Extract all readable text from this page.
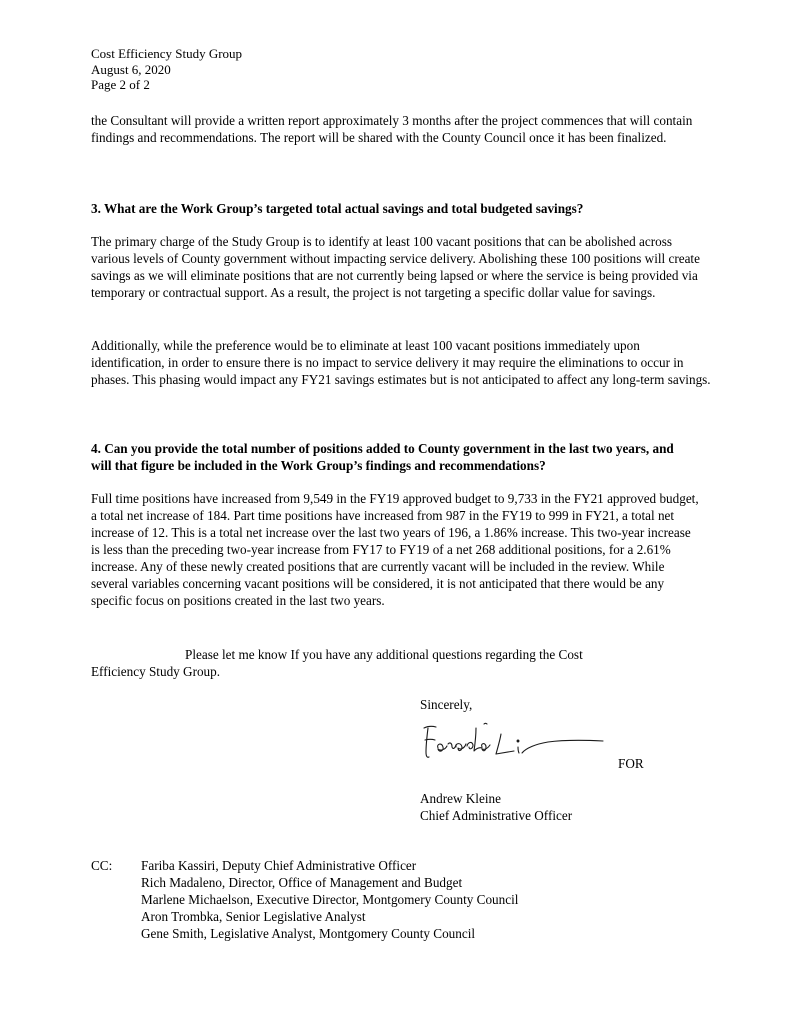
Cost Efficiency Study Group
August 6, 2020
Page 2 of 2

the Consultant will provide a written report approximately 3 months after the project commences that will contain findings and recommendations. The report will be shared with the County Council once it has been finalized.

3. What are the Work Group’s targeted total actual savings and total budgeted savings?

The primary charge of the Study Group is to identify at least 100 vacant positions that can be abolished across various levels of County government without impacting service delivery. Abolishing these 100 positions will create savings as we will eliminate positions that are not currently being lapsed or where the service is being provided via temporary or contractual support. As a result, the project is not targeting a specific dollar value for savings.

Additionally, while the preference would be to eliminate at least 100 vacant positions immediately upon identification, in order to ensure there is no impact to service delivery it may require the eliminations to occur in phases. This phasing would impact any FY21 savings estimates but is not anticipated to affect any long-term savings.

4. Can you provide the total number of positions added to County government in the last two years, and will that figure be included in the Work Group’s findings and recommendations?

Full time positions have increased from 9,549 in the FY19 approved budget to 9,733 in the FY21 approved budget, a total net increase of 184. Part time positions have increased from 987 in the FY19 to 999 in FY21, a total net increase of 12. This is a total net increase over the last two years of 196, a 1.86% increase. This two-year increase is less than the preceding two-year increase from FY17 to FY19 of a net 268 additional positions, for a 2.61% increase. Any of these newly created positions that are currently vacant will be included in the review. While several variables concerning vacant positions will be considered, it is not anticipated that there would be any specific focus on positions created in the last two years.

Please let me know If you have any additional questions regarding the Cost

Efficiency Study Group.

Sincerely,
FOR
Andrew Kleine
Chief Administrative Officer
CC: Fariba Kassiri, Deputy Chief Administrative Officer
Rich Madaleno, Director, Office of Management and Budget
Marlene Michaelson, Executive Director, Montgomery County Council
Aron Trombka, Senior Legislative Analyst
Gene Smith, Legislative Analyst, Montgomery County Council
